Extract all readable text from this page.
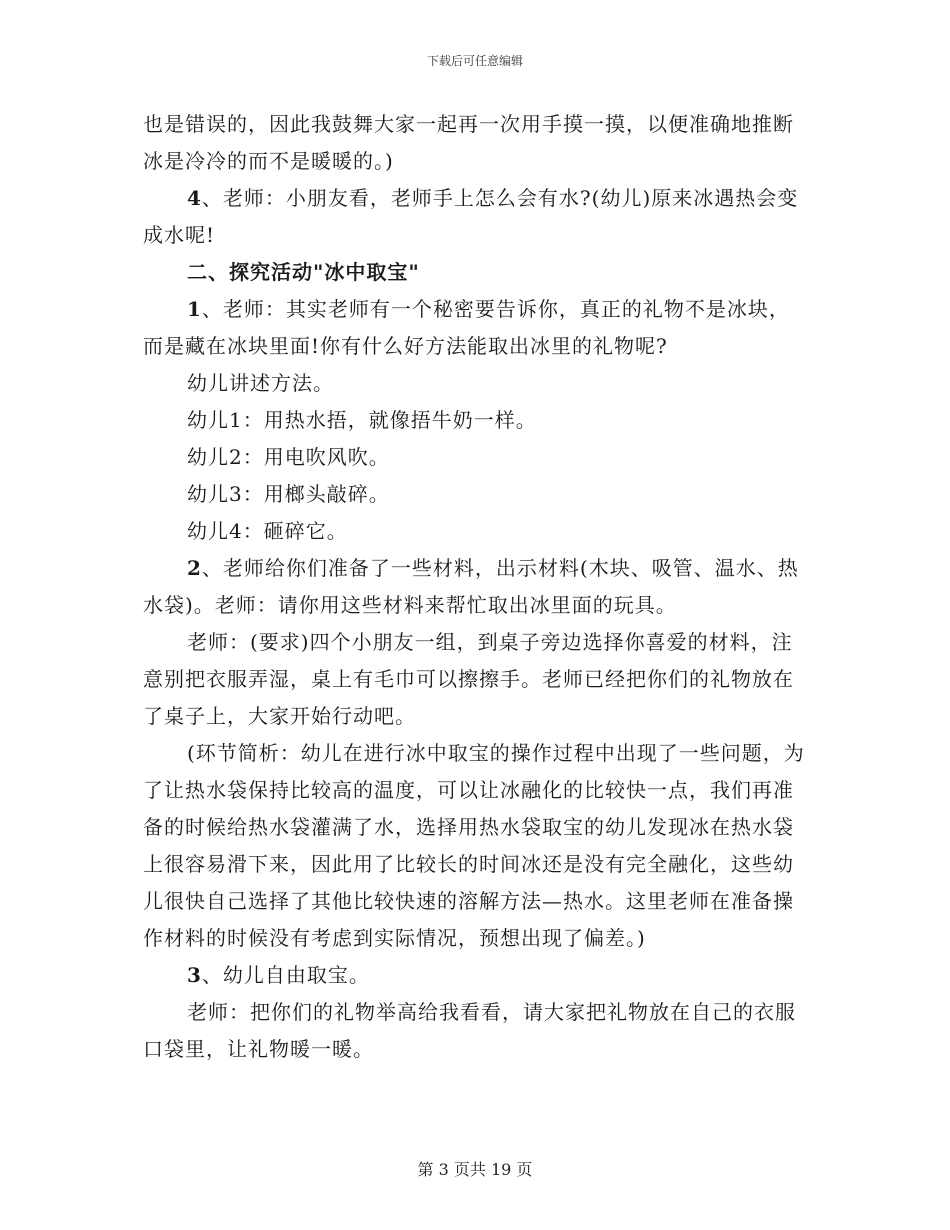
下载后可任意编辑

也是错误的，因此我鼓舞大家一起再一次用手摸一摸，以便准确地推断冰是冷冷的而不是暖暖的。)

4、老师：小朋友看，老师手上怎么会有水?(幼儿)原来冰遇热会变成水呢!

二、探究活动"冰中取宝"

1、老师：其实老师有一个秘密要告诉你，真正的礼物不是冰块，而是藏在冰块里面!你有什么好方法能取出冰里的礼物呢?

幼儿讲述方法。

幼儿1：用热水捂，就像捂牛奶一样。

幼儿2：用电吹风吹。

幼儿3：用榔头敲碎。

幼儿4：砸碎它。

2、老师给你们准备了一些材料，出示材料(木块、吸管、温水、热水袋)。老师：请你用这些材料来帮忙取出冰里面的玩具。

老师：(要求)四个小朋友一组，到桌子旁边选择你喜爱的材料，注意别把衣服弄湿，桌上有毛巾可以擦擦手。老师已经把你们的礼物放在了桌子上，大家开始行动吧。

(环节简析：幼儿在进行冰中取宝的操作过程中出现了一些问题，为了让热水袋保持比较高的温度，可以让冰融化的比较快一点，我们再准备的时候给热水袋灌满了水，选择用热水袋取宝的幼儿发现冰在热水袋上很容易滑下来，因此用了比较长的时间冰还是没有完全融化，这些幼儿很快自己选择了其他比较快速的溶解方法—热水。这里老师在准备操作材料的时候没有考虑到实际情况，预想出现了偏差。)

3、幼儿自由取宝。

老师：把你们的礼物举高给我看看，请大家把礼物放在自己的衣服口袋里，让礼物暖一暖。

第 3 页共 19 页
